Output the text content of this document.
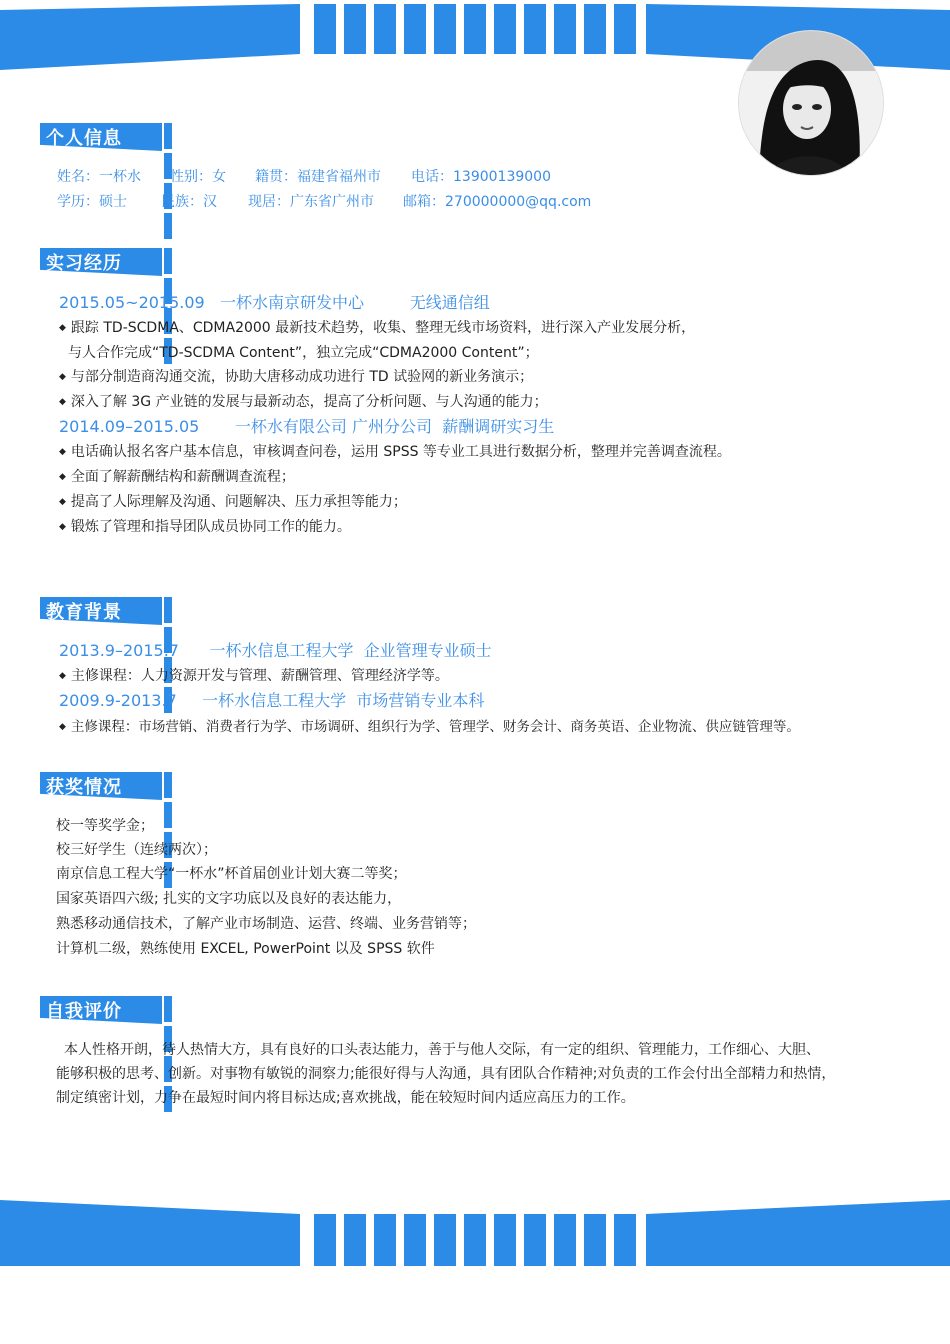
个人信息
姓名：一杯水 性别：女 籍贯：福建省福州市 电话：13900139000
学历：硕士 民族：汉 现居：广东省广州市 邮箱：270000000@qq.com
实习经历
2015.05~2015.09   一杯水南京研发中心         无线通信组
◆ 跟踪 TD-SCDMA、CDMA2000 最新技术趋势，收集、整理无线市场资料，进行深入产业发展分析，
与人合作完成“TD-SCDMA Content”，独立完成“CDMA2000 Content”；
◆ 与部分制造商沟通交流，协助大唐移动成功进行 TD 试验网的新业务演示；
◆ 深入了解 3G 产业链的发展与最新动态，提高了分析问题、与人沟通的能力；
2014.09–2015.05       一杯水有限公司 广州分公司  薪酬调研实习生
◆ 电话确认报名客户基本信息，审核调查问卷，运用 SPSS 等专业工具进行数据分析，整理并完善调查流程。
◆ 全面了解薪酬结构和薪酬调查流程；
◆ 提高了人际理解及沟通、问题解决、压力承担等能力；
◆ 锻炼了管理和指导团队成员协同工作的能力。
教育背景
2013.9–2015.7      一杯水信息工程大学  企业管理专业硕士
◆ 主修课程：人力资源开发与管理、薪酬管理、管理经济学等。
2009.9-2013.7     一杯水信息工程大学  市场营销专业本科
◆ 主修课程：市场营销、消费者行为学、市场调研、组织行为学、管理学、财务会计、商务英语、企业物流、供应链管理等。
获奖情况
校一等奖学金；
校三好学生（连续两次）；
南京信息工程大学“一杯水”杯首届创业计划大赛二等奖；
国家英语四六级; 扎实的文字功底以及良好的表达能力，
熟悉移动通信技术，了解产业市场制造、运营、终端、业务营销等；
计算机二级，熟练使用 EXCEL, PowerPoint 以及 SPSS 软件
自我评价
本人性格开朗，待人热情大方，具有良好的口头表达能力，善于与他人交际，有一定的组织、管理能力，工作细心、大胆、
能够积极的思考、创新。对事物有敏锐的洞察力;能很好得与人沟通，具有团队合作精神;对负责的工作会付出全部精力和热情，
制定缜密计划，力争在最短时间内将目标达成;喜欢挑战，能在较短时间内适应高压力的工作。
